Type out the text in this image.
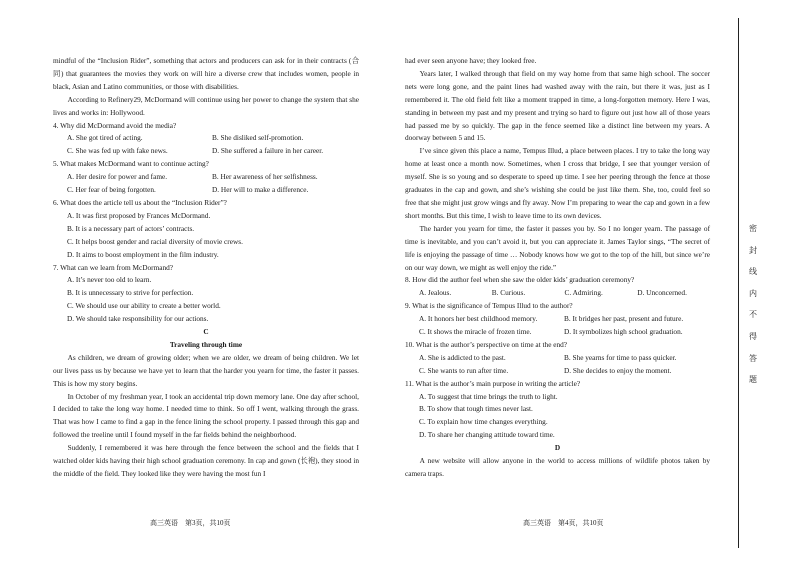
mindful of the “Inclusion Rider”, something that actors and producers can ask for in their contracts (合同) that guarantees the movies they work on will hire a diverse crew that includes women, people in black, Asian and Latino communities, or those with disabilities.

According to Refinery29, McDormand will continue using her power to change the system that she lives and works in: Hollywood.

4. Why did McDormand avoid the media?

A. She got tired of acting.	B. She disliked self-promotion.
C. She was fed up with fake news.	D. She suffered a failure in her career.

5. What makes McDormand want to continue acting?

A. Her desire for power and fame.	B. Her awareness of her selfishness.
C. Her fear of being forgotten.	D. Her will to make a difference.

6. What does the article tell us about the “Inclusion Rider”?

A. It was first proposed by Frances McDormand.

B. It is a necessary part of actors’ contracts.

C. It helps boost gender and racial diversity of movie crews.

D. It aims to boost employment in the film industry.

7. What can we learn from McDormand?

A. It’s never too old to learn.

B. It is unnecessary to strive for perfection.

C. We should use our ability to create a better world.

D. We should take responsibility for our actions.

C

Traveling through time

As children, we dream of growing older; when we are older, we dream of being children. We let our lives pass us by because we have yet to learn that the harder you yearn for time, the faster it passes. This is how my story begins.

In October of my freshman year, I took an accidental trip down memory lane. One day after school, I decided to take the long way home. I needed time to think. So off I went, walking through the grass. That was how I came to find a gap in the fence lining the school property. I passed through this gap and followed the treeline until I found myself in the far fields behind the neighborhood.

Suddenly, I remembered it was here through the fence between the school and the fields that I watched older kids having their high school graduation ceremony. In cap and gown (长袍), they stood in the middle of the field. They looked like they were having the most fun I

had ever seen anyone have; they looked free.

Years later, I walked through that field on my way home from that same high school. The soccer nets were long gone, and the paint lines had washed away with the rain, but there it was, just as I remembered it. The old field felt like a moment trapped in time, a long-forgotten memory. Here I was, standing in between my past and my present and trying so hard to figure out just how all of those years had passed me by so quickly. The gap in the fence seemed like a distinct line between my years. A doorway between 5 and 15.

I’ve since given this place a name, Tempus Illud, a place between places. I try to take the long way home at least once a month now. Sometimes, when I cross that bridge, I see that younger version of myself. She is so young and so desperate to speed up time. I see her peering through the fence at those graduates in the cap and gown, and she’s wishing she could be just like them. She, too, could feel so free that she might just grow wings and fly away. Now I’m preparing to wear the cap and gown in a few short months. But this time, I wish to leave time to its own devices.

The harder you yearn for time, the faster it passes you by. So I no longer yearn. The passage of time is inevitable, and you can’t avoid it, but you can appreciate it. James Taylor sings, “The secret of life is enjoying the passage of time … Nobody knows how we got to the top of the hill, but since we’re on our way down, we might as well enjoy the ride.”

8. How did the author feel when she saw the older kids’ graduation ceremony?

A. Jealous.	B. Curious.	C. Admiring.	D. Unconcerned.

9. What is the significance of Tempus Illud to the author?

A. It honors her best childhood memory.	B. It bridges her past, present and future.
C. It shows the miracle of frozen time.	D. It symbolizes high school graduation.

10. What is the author’s perspective on time at the end?

A. She is addicted to the past.	B. She yearns for time to pass quicker.
C. She wants to run after time.	D. She decides to enjoy the moment.

11. What is the author’s main purpose in writing the article?

A. To suggest that time brings the truth to light.

B. To show that tough times never last.

C. To explain how time changes everything.

D. To share her changing attitude toward time.

D

A new website will allow anyone in the world to access millions of wildlife photos taken by camera traps.

高三英语　第3页，共10页	高三英语　第4页，共10页
密
封
线
内
不
得
答
题
